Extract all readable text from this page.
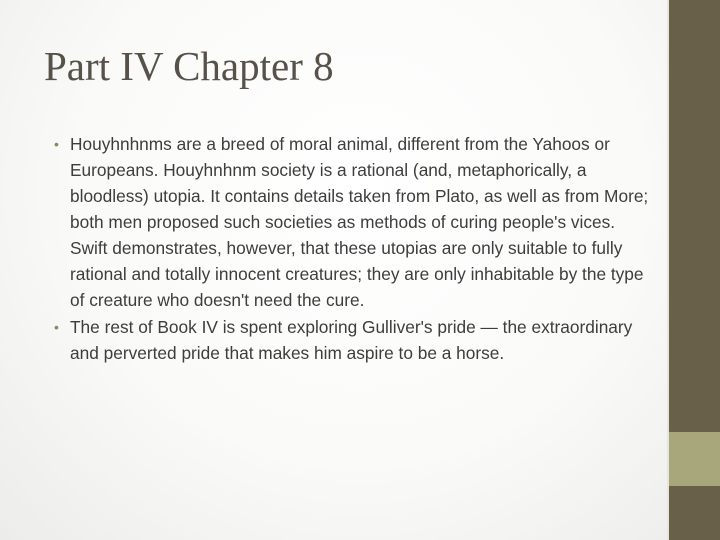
Part IV Chapter 8
• Houyhnhnms are a breed of moral animal, different from the Yahoos or Europeans. Houyhnhnm society is a rational (and, metaphorically, a bloodless) utopia. It contains details taken from Plato, as well as from More; both men proposed such societies as methods of curing people's vices. Swift demonstrates, however, that these utopias are only suitable to fully rational and totally innocent creatures; they are only inhabitable by the type of creature who doesn't need the cure.
• The rest of Book IV is spent exploring Gulliver's pride — the extraordinary and perverted pride that makes him aspire to be a horse.
